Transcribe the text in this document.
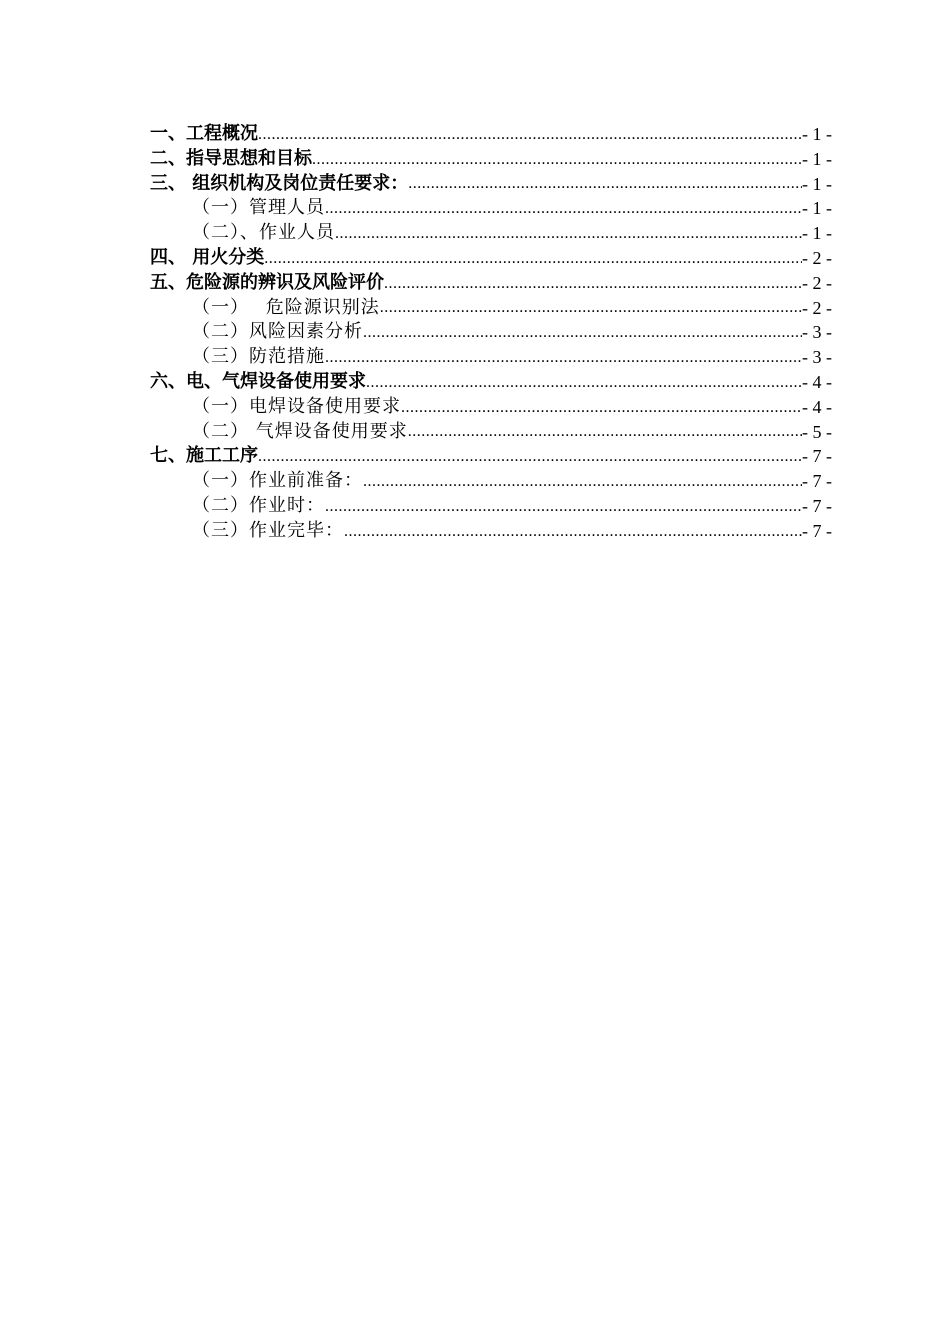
一、工程概况 .....	- 1 -
二、指导思想和目标 .....	- 1 -
三、 组织机构及岗位责任要求： .....	- 1 -
（一）管理人员 .....	- 1 -
（二）、作业人员 .....	- 1 -
四、 用火分类 .....	- 2 -
五、危险源的辨识及风险评价 .....	- 2 -
（一）　 危险源识别法 .....	- 2 -
（二）风险因素分析 .....	- 3 -
（三）防范措施 .....	- 3 -
六、电、气焊设备使用要求 .....	- 4 -
（一）电焊设备使用要求 .....	- 4 -
（二） 气焊设备使用要求 .....	- 5 -
七、施工工序 .....	- 7 -
（一）作业前准备： .....	- 7 -
（二）作业时： .....	- 7 -
（三）作业完毕： .....	- 7 -
